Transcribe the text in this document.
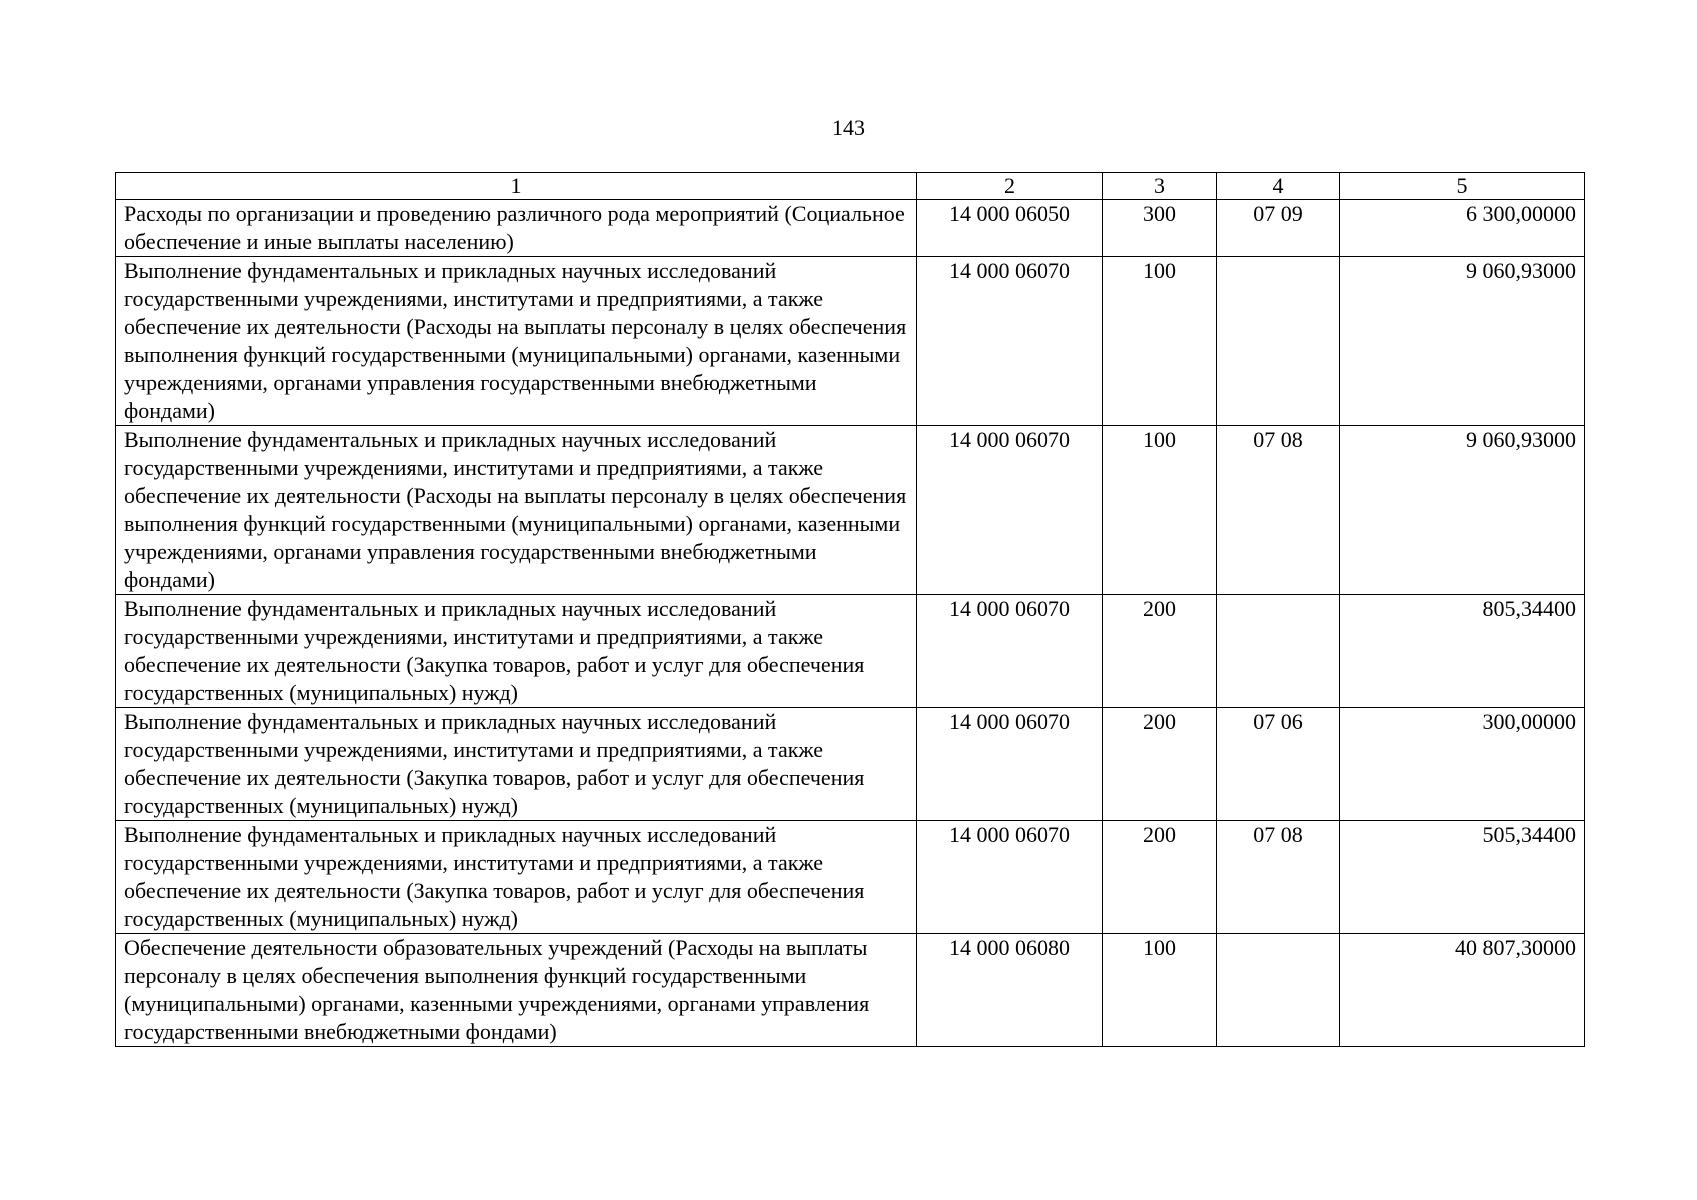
143
1	2	3	4	5
Расходы по организации и проведению различного рода мероприятий (Социальное обеспечение и иные выплаты населению)	14 000 06050	300	07 09	6 300,00000
Выполнение фундаментальных и прикладных научных исследований государственными учреждениями, институтами и предприятиями, а также обеспечение их деятельности (Расходы на выплаты персоналу в целях обеспечения выполнения функций государственными (муниципальными) органами, казенными учреждениями, органами управления государственными внебюджетными фондами)	14 000 06070	100		9 060,93000
Выполнение фундаментальных и прикладных научных исследований государственными учреждениями, институтами и предприятиями, а также обеспечение их деятельности (Расходы на выплаты персоналу в целях обеспечения выполнения функций государственными (муниципальными) органами, казенными учреждениями, органами управления государственными внебюджетными фондами)	14 000 06070	100	07 08	9 060,93000
Выполнение фундаментальных и прикладных научных исследований государственными учреждениями, институтами и предприятиями, а также обеспечение их деятельности (Закупка товаров, работ и услуг для обеспечения государственных (муниципальных) нужд)	14 000 06070	200		805,34400
Выполнение фундаментальных и прикладных научных исследований государственными учреждениями, институтами и предприятиями, а также обеспечение их деятельности (Закупка товаров, работ и услуг для обеспечения государственных (муниципальных) нужд)	14 000 06070	200	07 06	300,00000
Выполнение фундаментальных и прикладных научных исследований государственными учреждениями, институтами и предприятиями, а также обеспечение их деятельности (Закупка товаров, работ и услуг для обеспечения государственных (муниципальных) нужд)	14 000 06070	200	07 08	505,34400
Обеспечение деятельности образовательных учреждений (Расходы на выплаты персоналу в целях обеспечения выполнения функций государственными (муниципальными) органами, казенными учреждениями, органами управления государственными внебюджетными фондами)	14 000 06080	100		40 807,30000
